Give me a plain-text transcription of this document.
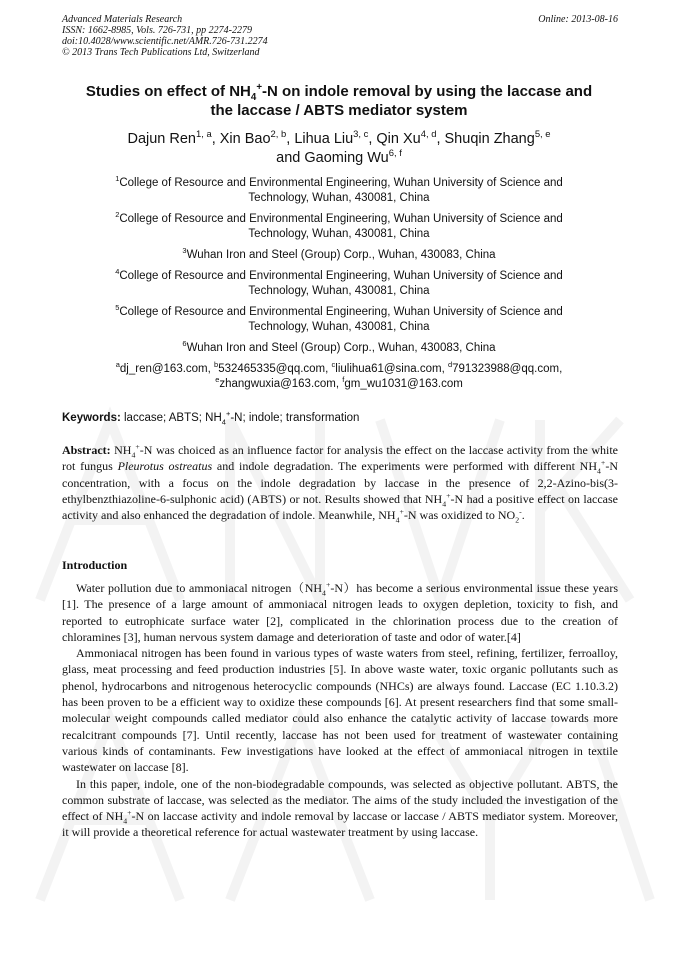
Advanced Materials Research
ISSN: 1662-8985, Vols. 726-731, pp 2274-2279
doi:10.4028/www.scientific.net/AMR.726-731.2274
© 2013 Trans Tech Publications Ltd, Switzerland
Online: 2013-08-16
Studies on effect of $NH_4^+-N$ on indole removal by using the laccase and
the laccase / ABTS mediator system
Dajun Ren$^{1, a}$, Xin Bao$^{2, b}$, Lihua Liu$^{3, c}$, Qin Xu$^{4, d}$, Shuqin Zhang$^{5, e}$
and Gaoming Wu$^{6, f}$
$^1$College of Resource and Environmental Engineering, Wuhan University of Science and
Technology, Wuhan, 430081, China
$^2$College of Resource and Environmental Engineering, Wuhan University of Science and
Technology, Wuhan, 430081, China
$^3$Wuhan Iron and Steel (Group) Corp., Wuhan, 430083, China
$^4$College of Resource and Environmental Engineering, Wuhan University of Science and
Technology, Wuhan, 430081, China
$^5$College of Resource and Environmental Engineering, Wuhan University of Science and
Technology, Wuhan, 430081, China
$^6$Wuhan Iron and Steel (Group) Corp., Wuhan, 430083, China
$^a$dj_ren@163.com, $^b$532465335@qq.com, $^c$liulihua61@sina.com, $^d$791323988@qq.com,
$^e$zhangwuxia@163.com, $^f$gm_wu1031@163.com
Keywords: laccase; ABTS; $NH_4^+-N$; indole; transformation
Abstract: $NH_4^+-N$ was choiced as an influence factor for analysis the effect on the laccase activity from the white rot fungus Pleurotus ostreatus and indole degradation. The experiments were performed with different $NH_4^+-N$ concentration, with a focus on the indole degradation by laccase in the presence of 2,2-Azino-bis(3-ethylbenzthiazoline-6-sulphonic acid) (ABTS) or not. Results showed that $NH_4^+-N$ had a positive effect on laccase activity and also enhanced the degradation of indole. Meanwhile, $NH_4^+-N$ was oxidized to $NO_2^-$.
Introduction

Water pollution due to ammoniacal $nitrogen(NH_4^+-N)has$ become a serious environmental issue these years [1]. The presence of a large amount of ammoniacal nitrogen leads to oxygen depletion, toxicity to fish, and reported to eutrophicate surface water [2], complicated in the chlorination process due to the creation of chloramines [3], human nervous system damage and deterioration of taste and odor of water.[4]

Ammoniacal nitrogen has been found in various types of waste waters from steel, refining, fertilizer, ferroalloy, glass, meat processing and feed production industries [5]. In above waste water, toxic organic pollutants such as phenol, hydrocarbons and nitrogenous heterocyclic compounds (NHCs) are always found. Laccase (EC 1.10.3.2) has been proven to be a efficient way to oxidize these compounds [6]. At present researchers find that some small-molecular weight compounds called mediator could also enhance the catalytic activity of laccase towards more recalcitrant compounds [7]. Until recently, laccase has not been used for treatment of wastewater containing various kinds of contaminants. Few investigations have looked at the effect of ammoniacal nitrogen in textile wastewater on laccase [8].

In this paper, indole, one of the non-biodegradable compounds, was selected as objective pollutant. ABTS, the common substrate of laccase, was selected as the mediator. The aims of the study included the investigation of the effect of $NH_4^+-N$ on laccase activity and indole removal by laccase or laccase / ABTS mediator system. Moreover, it will provide a theoretical reference for actual wastewater treatment by using laccase.
